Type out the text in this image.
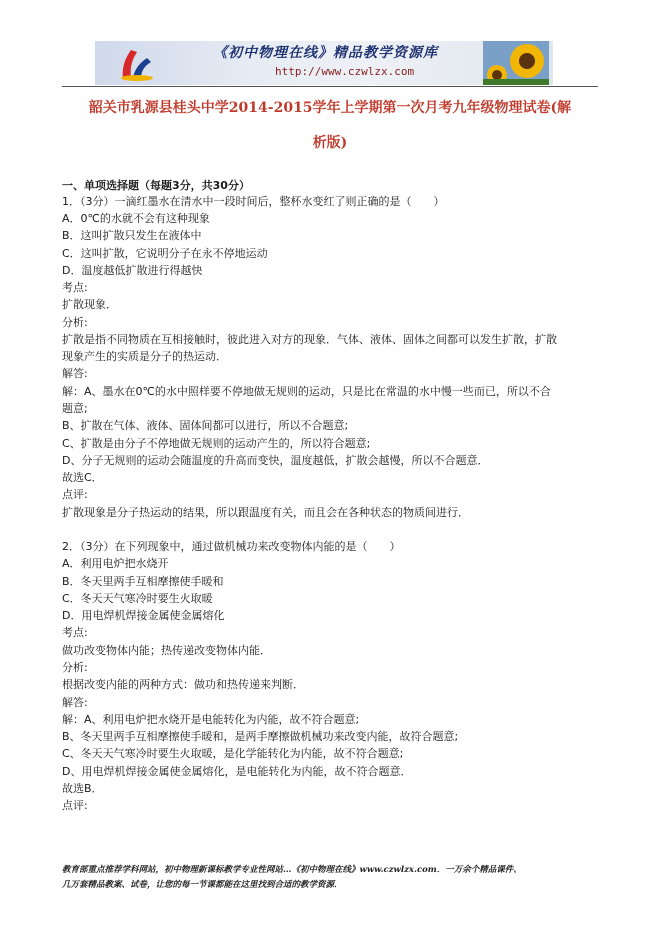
《初中物理在线》精品教学资源库
http://www.czwlzx.com
韶关市乳源县桂头中学2014-2015学年上学期第一次月考九年级物理试卷(解
析版)
一、单项选择题（每题3分，共30分）
1．（3分）一滴红墨水在清水中一段时间后，整杯水变红了则正确的是（　　）
A．0℃的水就不会有这种现象
B．这叫扩散只发生在液体中
C．这叫扩散，它说明分子在永不停地运动
D．温度越低扩散进行得越快
考点:
扩散现象．
分析:
扩散是指不同物质在互相接触时，彼此进入对方的现象．气体、液体、固体之间都可以发生扩散，扩散
现象产生的实质是分子的热运动．
解答:
解：A、墨水在0℃的水中照样要不停地做无规则的运动，只是比在常温的水中慢一些而已，所以不合
题意;
B、扩散在气体、液体、固体间都可以进行，所以不合题意;
C、扩散是由分子不停地做无规则的运动产生的，所以符合题意;
D、分子无规则的运动会随温度的升高而变快，温度越低，扩散会越慢，所以不合题意．
故选C．
点评:
扩散现象是分子热运动的结果，所以跟温度有关，而且会在各种状态的物质间进行．
2．（3分）在下列现象中，通过做机械功来改变物体内能的是（　　）
A．利用电炉把水烧开
B．冬天里两手互相摩擦使手暖和
C．冬天天气寒冷时要生火取暖
D．用电焊机焊接金属使金属熔化
考点:
做功改变物体内能；热传递改变物体内能．
分析:
根据改变内能的两种方式：做功和热传递来判断．
解答:
解：A、利用电炉把水烧开是电能转化为内能，故不符合题意;
B、冬天里两手互相摩擦使手暖和，是两手摩擦做机械功来改变内能，故符合题意;
C、冬天天气寒冷时要生火取暖，是化学能转化为内能，故不符合题意;
D、用电焊机焊接金属使金属熔化，是电能转化为内能，故不符合题意．
故选B．
点评:
教育部重点推荐学科网站，初中物理新课标教学专业性网站…《初中物理在线》www.czwlzx.com．一万余个精品课件、
几万套精品教案、试卷，让您的每一节课都能在这里找到合适的教学资源．
